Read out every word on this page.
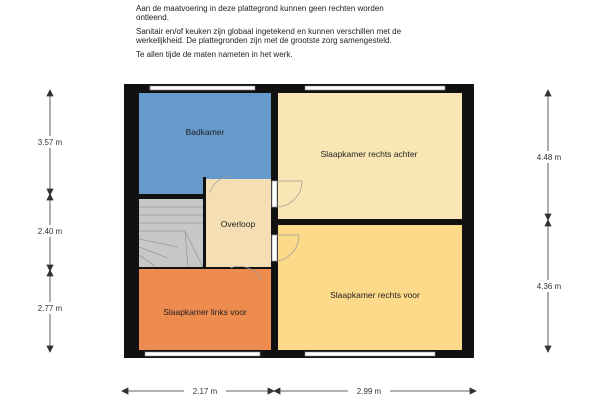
Aan de maatvoering in deze plattegrond kunnen geen rechten worden ontleend.

Sanitair en/of keuken zijn globaal ingetekend en kunnen verschillen met de werkelijkheid. De plattegronden zijn met de grootste zorg samengesteld.

Te allen tijde de maten nameten in het werk.

Badkamer
Slaapkamer rechts achter
Overloop
Slaapkamer links voor
Slaapkamer rechts voor
3.57 m
2.40 m
2.77 m
4.48 m
4.36 m
2.17 m	2.99 m
